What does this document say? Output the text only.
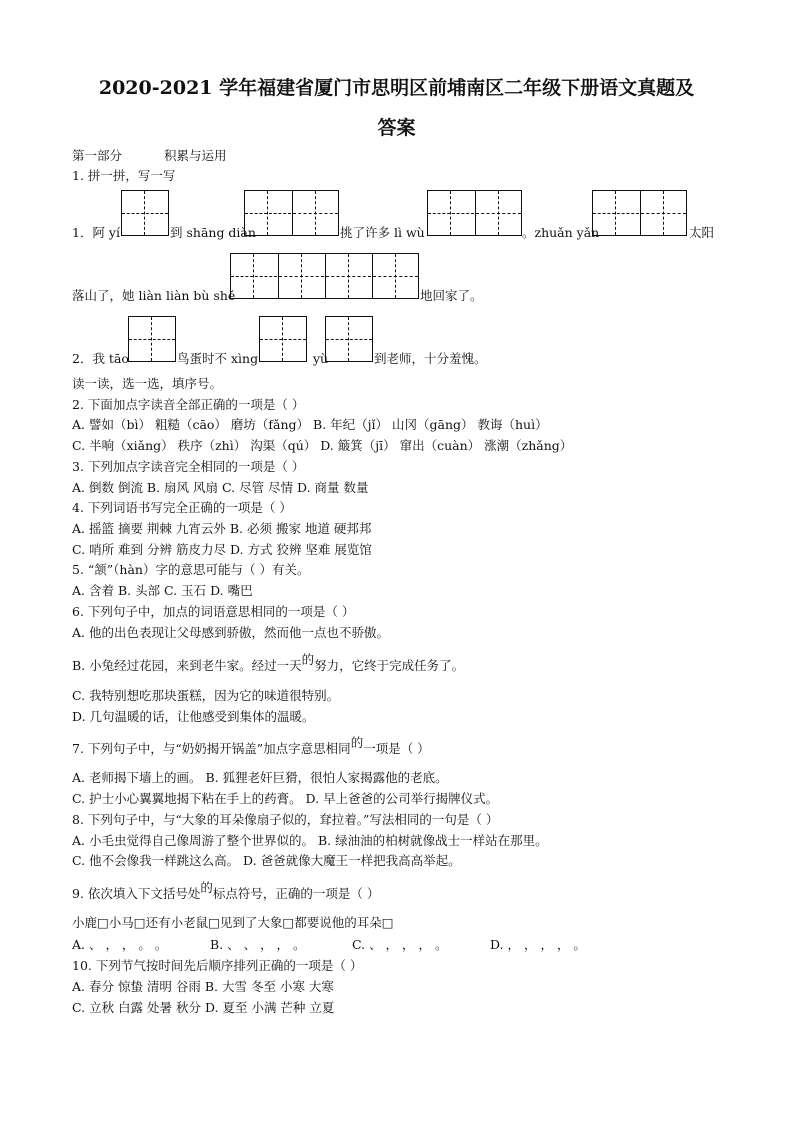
2020-2021 学年福建省厦门市思明区前埔南区二年级下册语文真题及
答案
第一部分	积累与运用
1. 拼一拼，写一写
1．阿 yí	到 shāng diàn	挑了许多 lì wù	。zhuǎn yǎn	太阳
落山了，她 liàn liàn bù shě	地回家了。
2．我 tāo	鸟蛋时不 xìng	yù	到老师，十分羞愧。
读一读，选一选，填序号。
2. 下面加点字读音全部正确的一项是（ ）
A. 譬如（bì） 粗糙（cāo） 磨坊（fǎng） B. 年纪（jǐ） 山冈（gāng） 教诲（huì）
C. 半响（xiǎng） 秩序（zhì） 沟渠（qú） D. 簸箕（jī） 窜出（cuàn） 涨潮（zhǎng）
3. 下列加点字读音完全相同的一项是（ ）
A. 倒数 倒流 B. 扇风 风扇 C. 尽管 尽情 D. 商量 数量
4. 下列词语书写完全正确的一项是（ ）
A. 摇篮 摘要 荆棘 九宵云外 B. 必须 搬家 地道 硬邦邦
C. 哨所 难到 分辨 筋皮力尽 D. 方式 狡辨 坚难 展览馆
5. “颔”（hàn）字的意思可能与（ ）有关。
A. 含着 B. 头部 C. 玉石 D. 嘴巴
6. 下列句子中，加点的词语意思相同的一项是（ ）
A. 他的出色表现让父母感到骄傲，然而他一点也不骄傲。
B. 小兔经过花园，来到老牛家。经过一天的努力，它终于完成任务了。
C. 我特别想吃那块蛋糕，因为它的味道很特别。
D. 几句温暖的话，让他感受到集体的温暖。
7. 下列句子中，与“奶奶揭开锅盖”加点字意思相同的一项是（ ）
A. 老师揭下墙上的画。 B. 狐狸老奸巨猾，很怕人家揭露他的老底。
C. 护士小心翼翼地揭下粘在手上的药膏。 D. 早上爸爸的公司举行揭牌仪式。
8. 下列句子中，与“大象的耳朵像扇子似的，耷拉着。”写法相同的一句是（ ）
A. 小毛虫觉得自己像周游了整个世界似的。 B. 绿油油的柏树就像战士一样站在那里。
C. 他不会像我一样跳这么高。 D. 爸爸就像大魔王一样把我高高举起。
9. 依次填入下文括号处的标点符号，正确的一项是（ ）
小鹿□小马□还有小老鼠□见到了大象□都要说他的耳朵□
A. 、 ， ， 。 。	B. 、 、 ， ， 。	C. 、 ， ， ， 。	D. ， ， ， ， 。
10. 下列节气按时间先后顺序排列正确的一项是（ ）
A. 春分 惊蛰 清明 谷雨 B. 大雪 冬至 小寒 大寒
C. 立秋 白露 处暑 秋分 D. 夏至 小满 芒种 立夏
